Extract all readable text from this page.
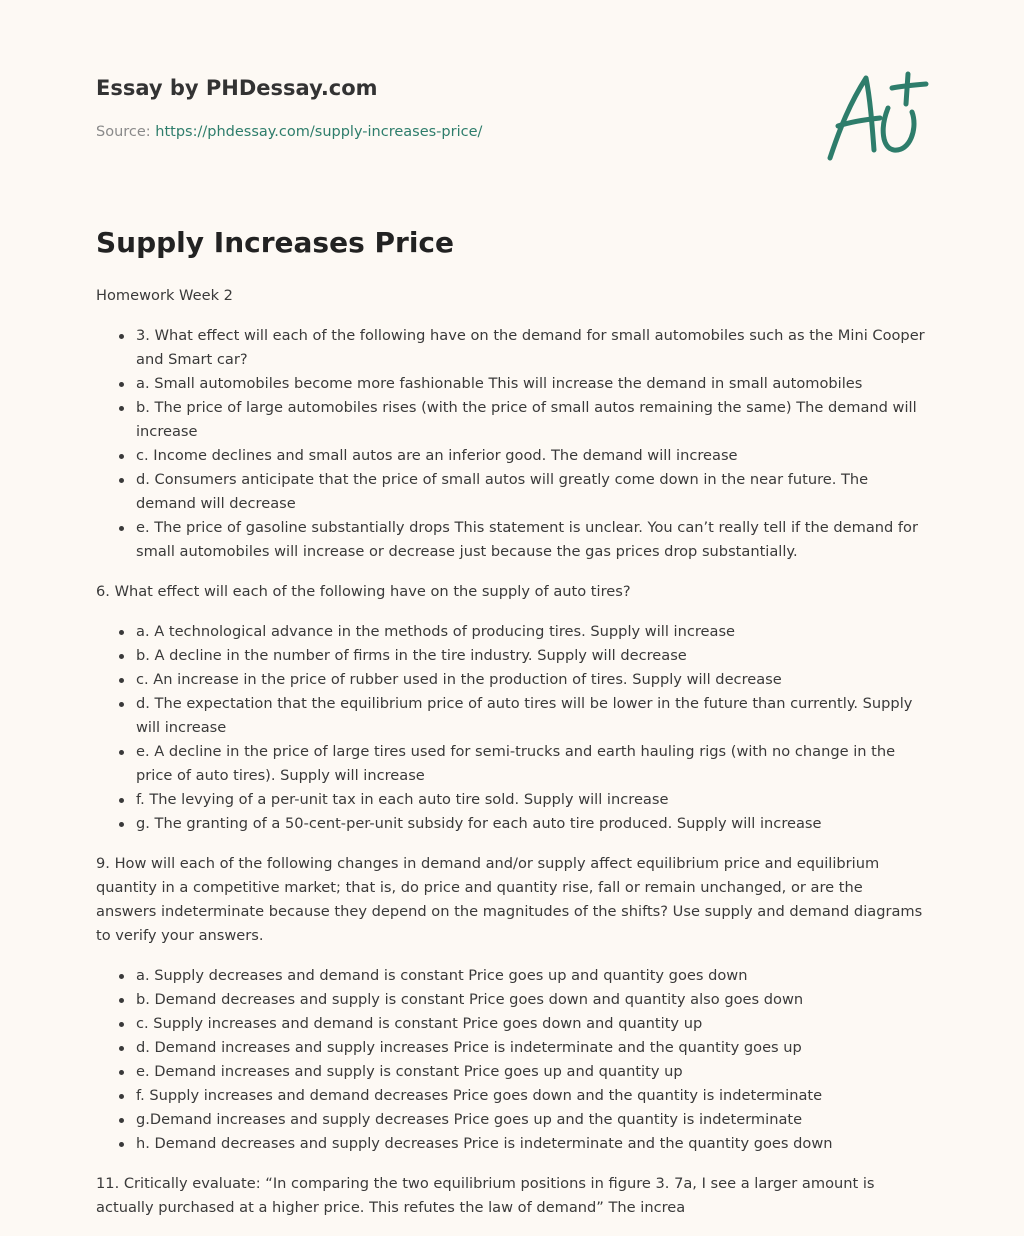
Essay by PHDessay.com

Source: https://phdessay.com/supply-increases-price/

Supply Increases Price

Homework Week 2

3. What effect will each of the following have on the demand for small automobiles such as the Mini Cooper and Smart car?
a. Small automobiles become more fashionable This will increase the demand in small automobiles
b. The price of large automobiles rises (with the price of small autos remaining the same) The demand will increase
c. Income declines and small autos are an inferior good. The demand will increase
d. Consumers anticipate that the price of small autos will greatly come down in the near future. The demand will decrease
e. The price of gasoline substantially drops This statement is unclear. You can’t really tell if the demand for small automobiles will increase or decrease just because the gas prices drop substantially.

6. What effect will each of the following have on the supply of auto tires?

a. A technological advance in the methods of producing tires. Supply will increase
b. A decline in the number of firms in the tire industry. Supply will decrease
c. An increase in the price of rubber used in the production of tires. Supply will decrease
d. The expectation that the equilibrium price of auto tires will be lower in the future than currently. Supply will increase
e. A decline in the price of large tires used for semi-trucks and earth hauling rigs (with no change in the price of auto tires). Supply will increase
f. The levying of a per-unit tax in each auto tire sold. Supply will increase
g. The granting of a 50-cent-per-unit subsidy for each auto tire produced. Supply will increase

9. How will each of the following changes in demand and/or supply affect equilibrium price and equilibrium quantity in a competitive market; that is, do price and quantity rise, fall or remain unchanged, or are the answers indeterminate because they depend on the magnitudes of the shifts? Use supply and demand diagrams to verify your answers.

a. Supply decreases and demand is constant Price goes up and quantity goes down
b. Demand decreases and supply is constant Price goes down and quantity also goes down
c. Supply increases and demand is constant Price goes down and quantity up
d. Demand increases and supply increases Price is indeterminate and the quantity goes up
e. Demand increases and supply is constant Price goes up and quantity up
f. Supply increases and demand decreases Price goes down and the quantity is indeterminate
g.Demand increases and supply decreases Price goes up and the quantity is indeterminate
h. Demand decreases and supply decreases Price is indeterminate and the quantity goes down

11. Critically evaluate: “In comparing the two equilibrium positions in figure 3. 7a, I see a larger amount is actually purchased at a higher price. This refutes the law of demand” The increa
